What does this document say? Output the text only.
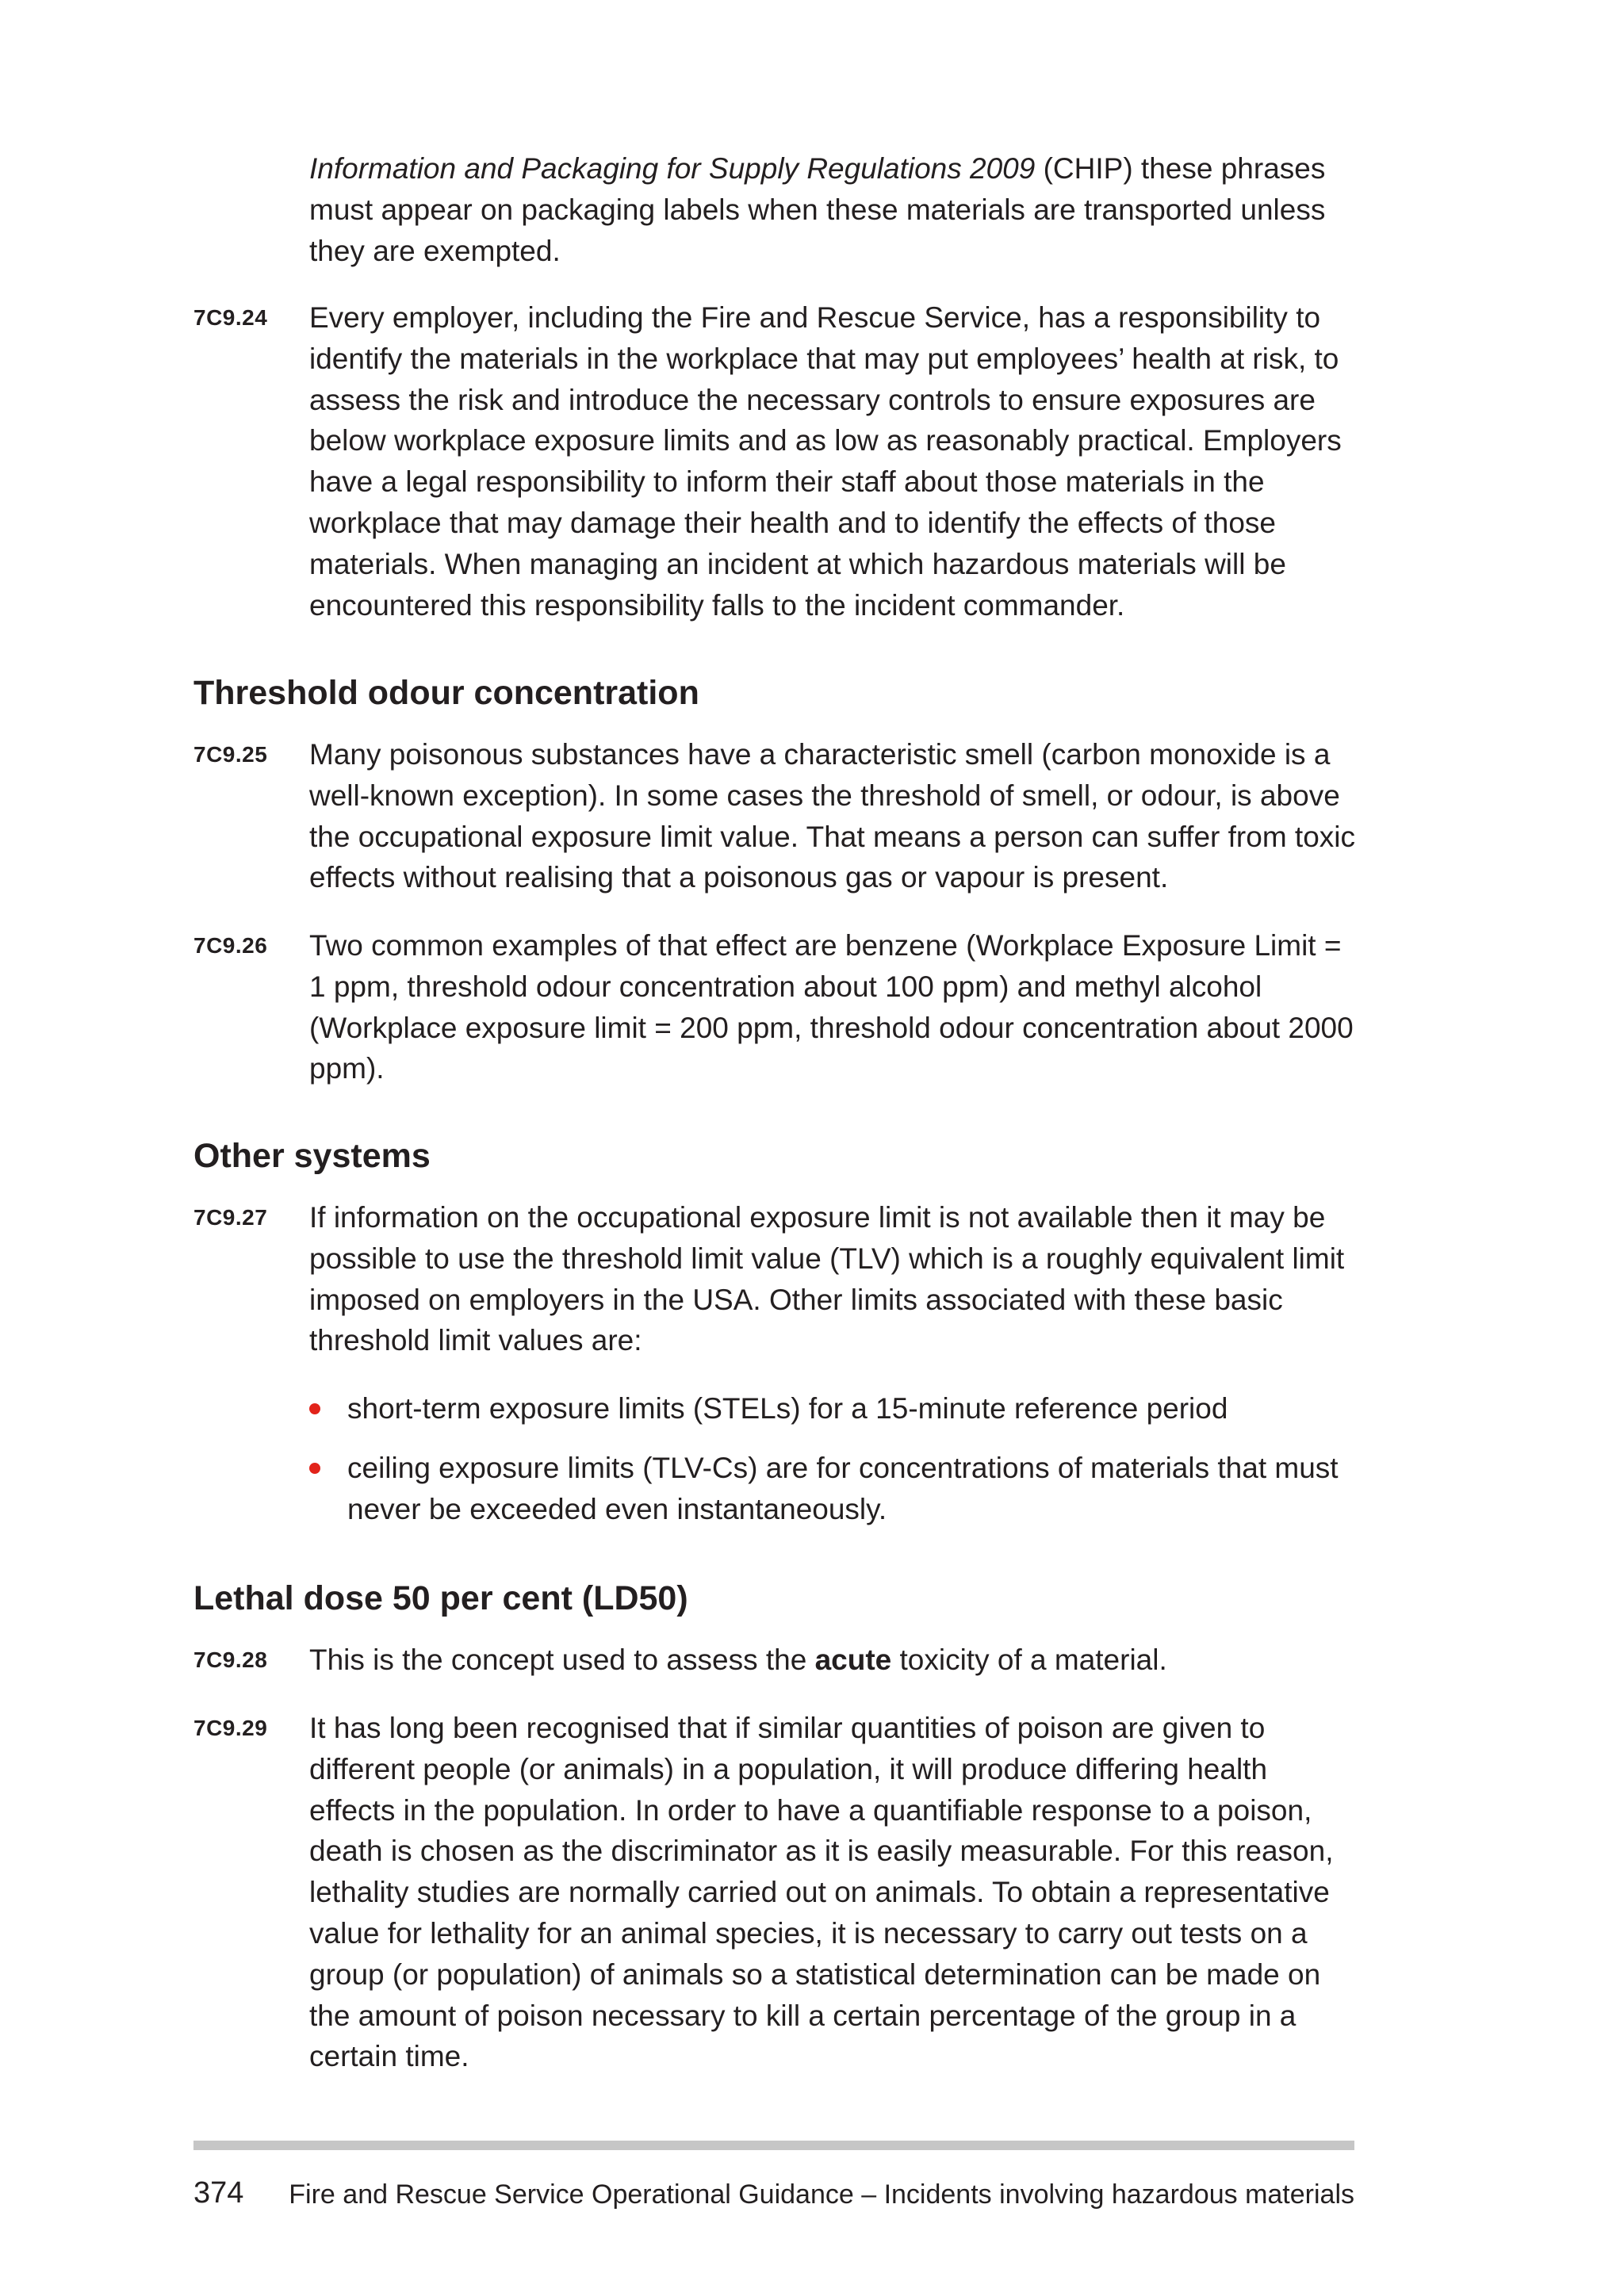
Information and Packaging for Supply Regulations 2009 (CHIP) these phrases must appear on packaging labels when these materials are transported unless they are exempted.
7C9.24 Every employer, including the Fire and Rescue Service, has a responsibility to identify the materials in the workplace that may put employees’ health at risk, to assess the risk and introduce the necessary controls to ensure exposures are below workplace exposure limits and as low as reasonably practical. Employers have a legal responsibility to inform their staff about those materials in the workplace that may damage their health and to identify the effects of those materials. When managing an incident at which hazardous materials will be encountered this responsibility falls to the incident commander.
Threshold odour concentration
7C9.25 Many poisonous substances have a characteristic smell (carbon monoxide is a well-known exception). In some cases the threshold of smell, or odour, is above the occupational exposure limit value. That means a person can suffer from toxic effects without realising that a poisonous gas or vapour is present.
7C9.26 Two common examples of that effect are benzene (Workplace Exposure Limit = 1 ppm, threshold odour concentration about 100 ppm) and methyl alcohol (Workplace exposure limit = 200 ppm, threshold odour concentration about 2000 ppm).
Other systems
7C9.27 If information on the occupational exposure limit is not available then it may be possible to use the threshold limit value (TLV) which is a roughly equivalent limit imposed on employers in the USA. Other limits associated with these basic threshold limit values are:
short-term exposure limits (STELs) for a 15-minute reference period
ceiling exposure limits (TLV-Cs) are for concentrations of materials that must never be exceeded even instantaneously.
Lethal dose 50 per cent (LD50)
7C9.28 This is the concept used to assess the acute toxicity of a material.
7C9.29 It has long been recognised that if similar quantities of poison are given to different people (or animals) in a population, it will produce differing health effects in the population. In order to have a quantifiable response to a poison, death is chosen as the discriminator as it is easily measurable. For this reason, lethality studies are normally carried out on animals. To obtain a representative value for lethality for an animal species, it is necessary to carry out tests on a group (or population) of animals so a statistical determination can be made on the amount of poison necessary to kill a certain percentage of the group in a certain time.
374 Fire and Rescue Service Operational Guidance – Incidents involving hazardous materials
